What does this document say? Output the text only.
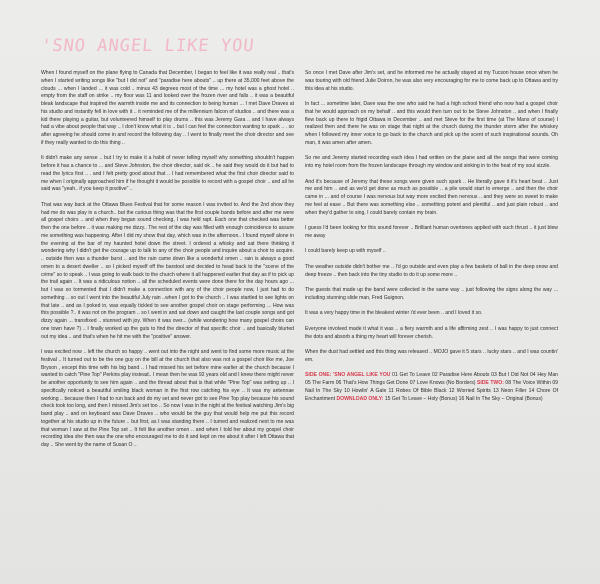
'SNO ANGEL LIKE YOU

When I found myself on the plane flying to Canada that December, I began to feel like it was really real .. that's when I started writing songs like "but I did not" and "paradise here abouts" .. up there at 35,000 feet above the clouds ... when I landed ... it was cold .. minus 43 degrees most of the time ... my hotel was a ghost hotel .. empty from the staff on strike .. my floor was 11 and looked over the frozen river and falls .. it was a beautiful bleak landscape that inspired the warmth inside me and its connection to being human ... I met Dave Draves at his studio and instantly fell in love with it .. it reminded me of the millennium falcon of studios .. and there was a kid there playing a guitar, but volunteered himself to play drums .. this was Jeremy Gara .. and I have always had a vibe about people that way .. I don't know what it is .. but I can feel the connection wanting to spark .. . so after agreeing he should come in and record the following day .. I went to finally meet the choir director and see if they really wanted to do this thing ..

It didn't make any sense .. but I try to make it a habit of never telling myself why something shouldn't happen before it has a chance to ... and Steve Johnston, the choir director, said ok .. he said they would do it but had to read the lyrics first .. . and I felt pretty good about that .. I had remembered what the first choir director said to me when I originally approached him if he thought it would be possible to record with a gospel choir .. and all he said was "yeah.. if you keep it positive" ..

That was way back at the Ottawa Blues Festival that for some reason I was invited to. And the 2nd show they had me do was play in a church.. but the curious thing was that the first couple bands before and after me were all gospel choirs .. and when they began sound checking, I was held rapt. Each one that checked was better then the one before .. it was making me dizzy.. The rest of the day was filled with enough coincidence to assure me something was happening. After I did my show that day, which was in the afternoon.. I found myself alone in the evening at the bar of my haunted hotel down the street. I ordered a whisky and sat there thinking it wondering why I didn't get the courage up to talk to any of the choir people and inquire about a choir to acquire. .. outside then was a thunder burst .. and the rain came down like a wonderful omen .. rain is always a good omen to a desert dweller .. so I picked myself off the barstool and decided to head back to the "scene of the crime" so to speak .. I was going to walk back to the church where it all happened earlier that day as if to pick up the trail again .. It was a ridiculous notion .. all the scheduled events were done there for the day hours ago ... but I was so tormented that I didn't make a connection with any of the choir people now, I just had to do something .. so out I went into the beautiful July rain ..when I got to the church .. I was startled to see lights on that late .. and as I poked in, was equally tickled to see another gospel choir on stage performing ... How was this possible ?.. it was not on the program .. so I went in and sat down and caught the last couple songs and got dizzy again ... transfixed .. stunned with joy. When it was over... (while wondering how many gospel choirs can one town have ?) .. I finally worked up the guts to find the director of that specific choir .. and basically blurted out my idea .. and that's when he hit me with the "positive" answer.

I was excited now .. left the church so happy .. went out into the night and went to find some more music at the festival .. It turned out to be the one guy on the bill at the church that also was not a gospel choir like me, Joe Bryson , except this time with his big band .. I had missed his set before mine earlier at the church because I wanted to catch "Pine Top" Perkins play instead.. I mean then he was 92 years old and I knew there might never be another opportunity to see him again .. and the thread about that is that while "Pine Top" was setting up .. I specifically noticed a beautiful smiling black woman in the first row catching his eye .. It was my antennae working .. because then I had to run back and do my set and never got to see Pine Top play because his sound check took too long, and then I missed Jim's set too .. So now I was in the night at the festival watching Jim's big band play .. and on keyboard was Dave Draves .. who would be the guy that would help me put this record together at his studio up in the future .. but first, as I was standing there .. I turned and realized next to me was that woman I saw at the Pine Top set .. It felt like another omen .. and when I told her about my gospel choir recording idea she then was the one who encouraged me to do it and kept on me about it after I left Ottawa that day .. She went by the name of Susan O ..

So once I met Dave after Jim's set, and he informed me he actually stayed at my Tucson house once when he was touring with old friend Julie Doiron, he was also very encouraging for me to come back up to Ottawa and try this idea at his studio.

In fact ... sometime later, Dave was the one who said he had a high school friend who now had a gospel choir that he would approach on my behalf .. and this would then turn out to be Steve Johnston .. and when I finally flew back up there to frigid Ottawa in December .. and met Steve for the first time (at The Mans of course) I realized then and there he was on stage that night at the church during the thunder storm after the whiskey when I followed my inner voice to go back to the church and pick up the scent of such inspirational sounds. Oh man, it was amen after amen.

So me and Jeremy started recording each idea I had written on the plane and all the songs that were coming into my hotel room from the frozen landscape through my window and sinking in to the heat of my soul sizzle.

And it's because of Jeremy that these songs were given such spark .. He literally gave it it's heart beat .. Just me and him .. and as we'd get done as much as possible .. a pile would start to emerge .. and then the choir came in ... and of course I was nervous but way more excited then nervous .. and they were so sweet to make me feel at ease .. But there was something else .. something potent and plentiful .. and just plain robust .. and when they'd gather to sing, I could barely contain my brain.

I guess I'd been looking for this sound forever .. Brilliant human overtones applied with such thrust .. it just blew me away

I could barely keep up with myself ..

The weather outside didn't bother me .. I'd go outside and even play a few baskets of ball in the deep snow and deep freeze .. then back into the tiny studio to do it up some more ..

The guests that made up the band were collected in the same way .. just following the signs along the way ... including stunning slide man, Fred Guignon.

It was a very happy time in the bleakest winter i'd ever been .. and I loved it so.

Everyone involved made it what it was .. a fiery warmth and a life affirming zest .. I was happy to just connect the dots and absorb a thing my heart will forever cherish.

When the dust had settled and this thing was released .. MOJO gave it 5 stars .. lucky stars .. and I was countin' em.

SIDE ONE: 'SNO ANGEL LIKE YOU 01 Get To Leave 02 Paradise Here Abouts 03 But I Did Not 04 Hey Man 05 The Farm 06 That's How Things Get Done 07 Love Knows (No Borders) SIDE TWO: 08 The Voice Within 09 Nail In The Sky 10 Howlin' A Gale 11 Robes Of Bible Black 12 Worried Spirits 13 Neon Filler 14 Chore Of Enchantment DOWNLOAD ONLY: 15 Get To Leave – Holy (Bonus) 16 Nail In The Sky – Original (Bonus)
